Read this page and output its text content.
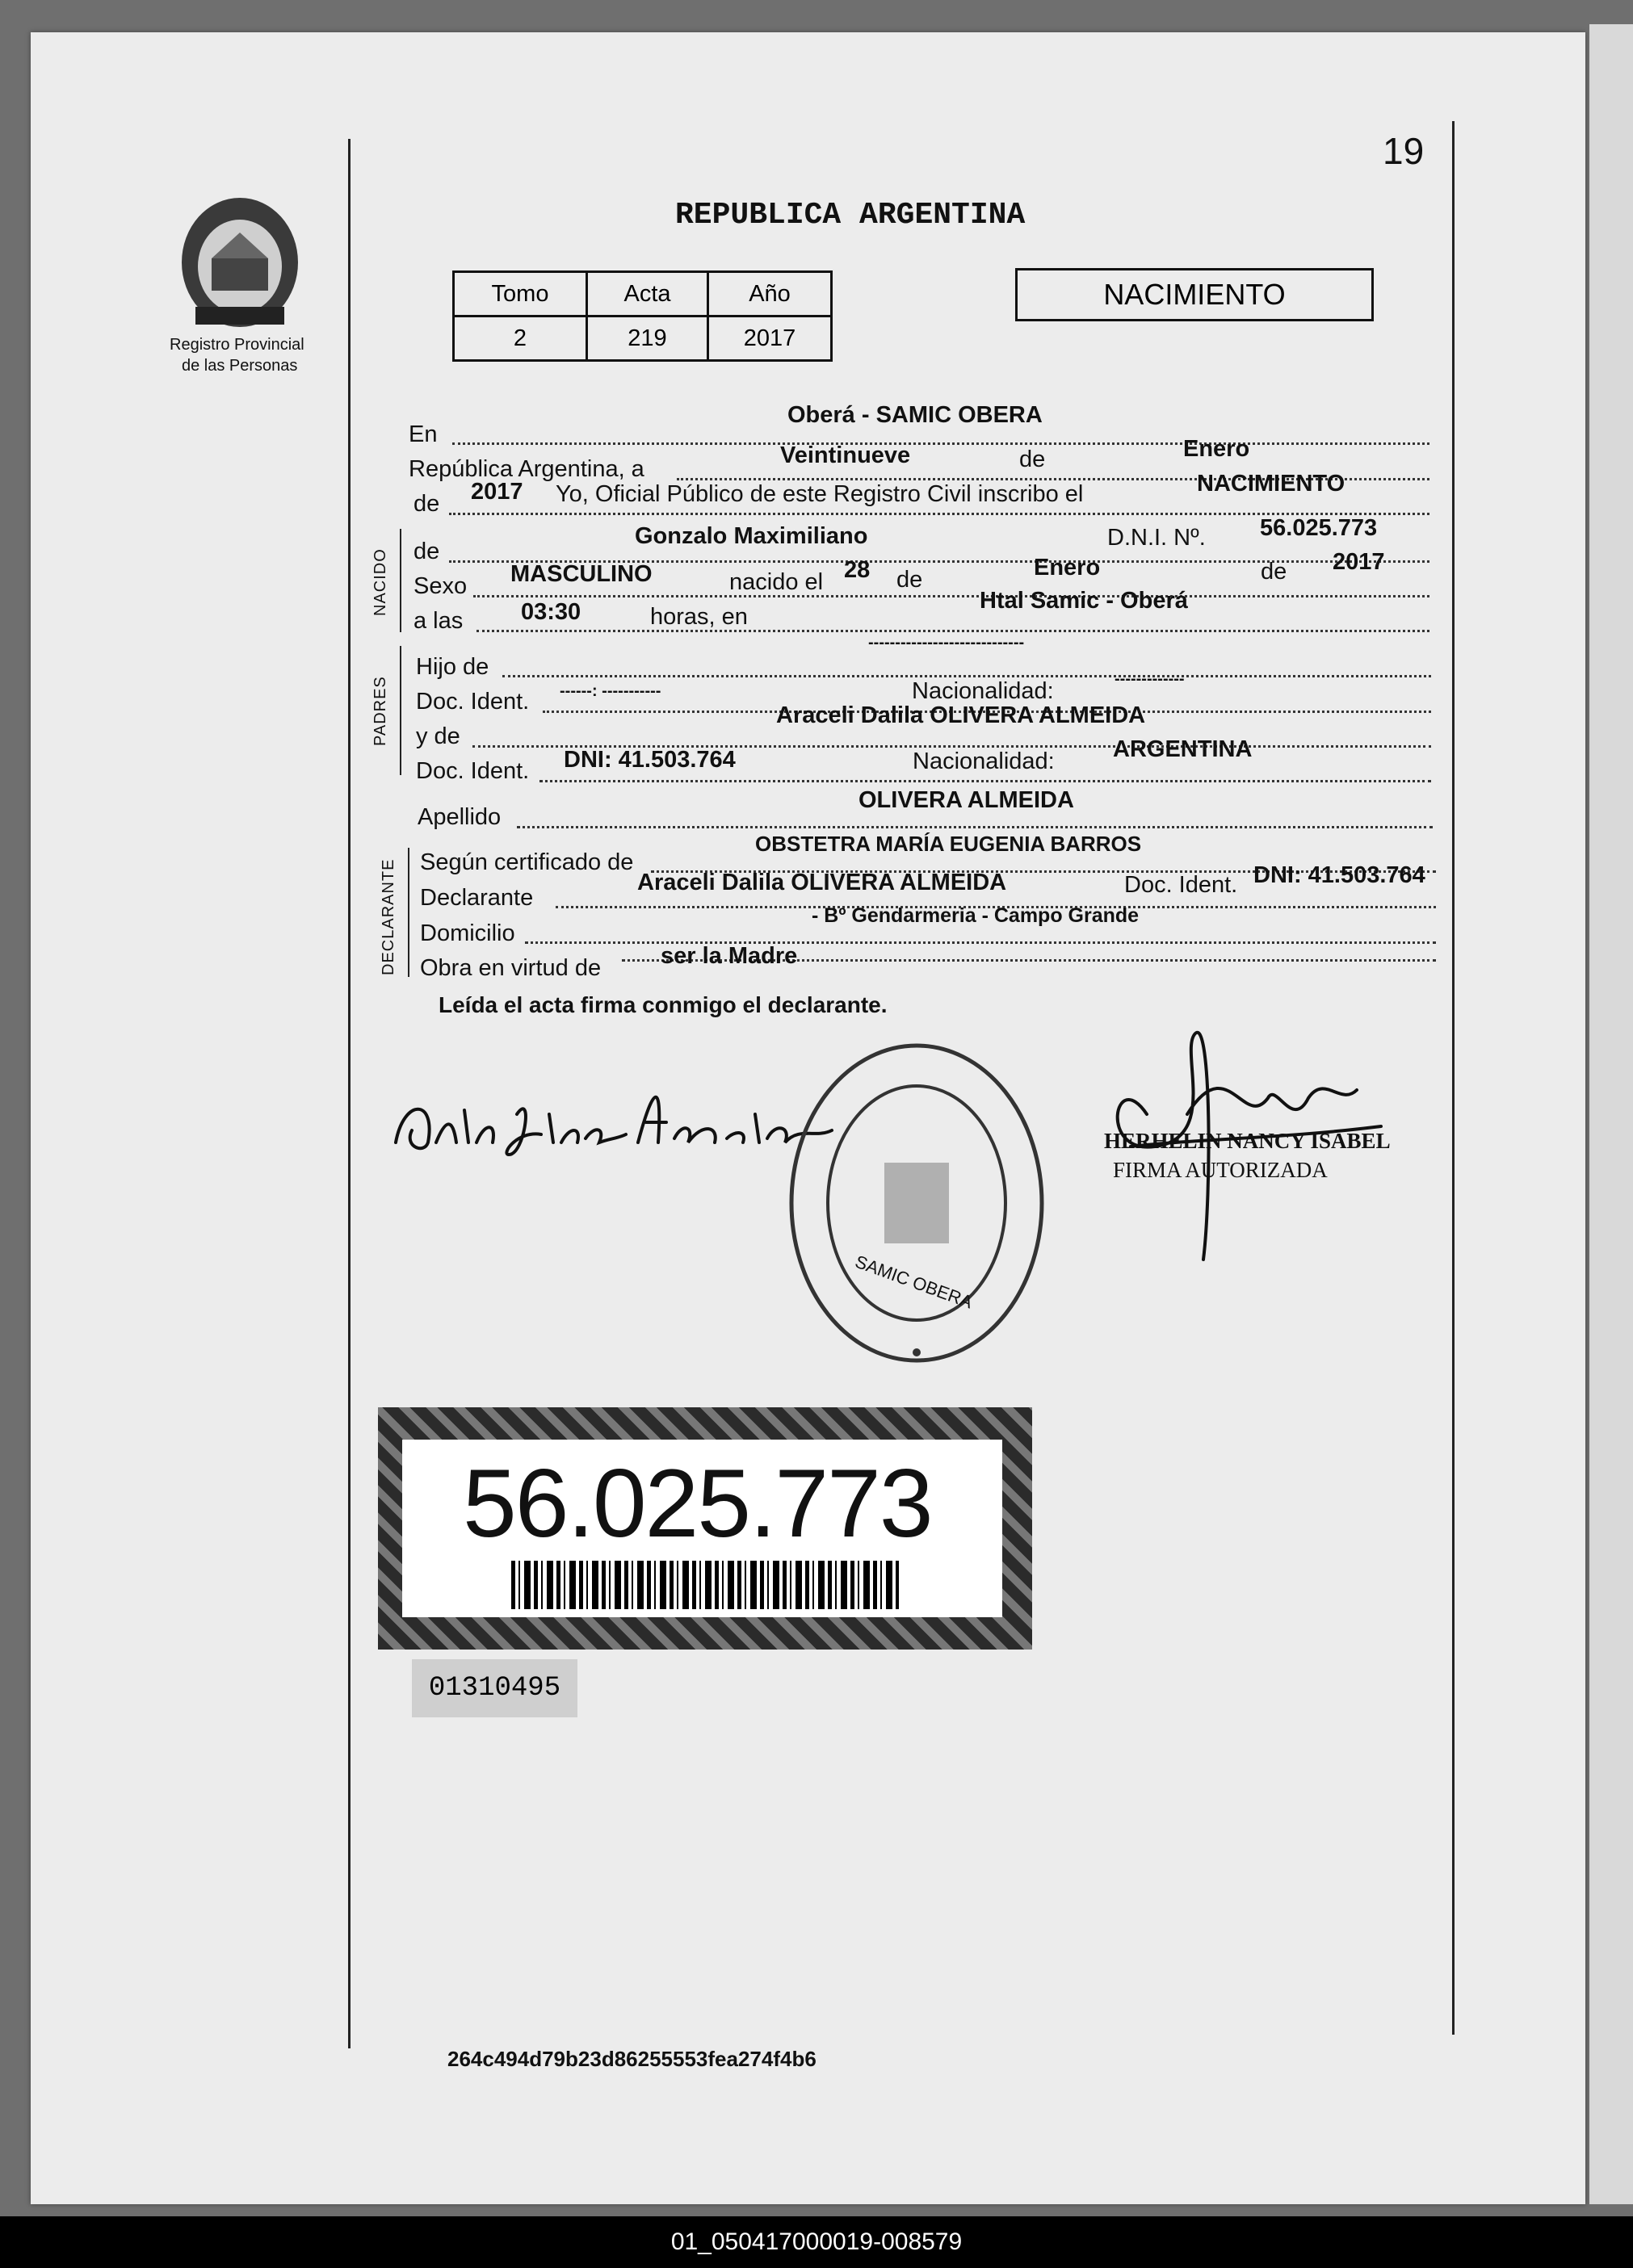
19
Registro Provincial
de las Personas
REPUBLICA ARGENTINA
Tomo	Acta	Año
2	219	2017
NACIMIENTO
En
Oberá - SAMIC OBERA
República Argentina, a
Veintinueve	de	Enero
de 2017 Yo, Oficial Público de este Registro Civil inscribo el	NACIMIENTO
NACIDO de
Gonzalo Maximiliano	D.N.I. Nº. 56.025.773
Sexo MASCULINO	nacido el 28 de	Enero	de 2017
a las 03:30	horas, en
Htal Samic - Oberá
PADRES
-----------------------------
Hijo de
Doc. Ident. ------: -----------	Nacionalidad:	-------------
y de
Araceli Dalila OLIVERA ALMEIDA
Doc. Ident. DNI: 41.503.764	Nacionalidad: ARGENTINA
Apellido
OLIVERA ALMEIDA
DECLARANTE Según certificado de
OBSTETRA MARÍA EUGENIA BARROS
Declarante
Araceli Dalila OLIVERA ALMEIDA	Doc. Ident. DNI: 41.503.764
Domicilio
- Bº Gendarmeria - Campo Grande
Obra en virtud de	ser la Madre
Leída el acta firma conmigo el declarante.
SAMIC OBERA
HERHELIN NANCY ISABEL
FIRMA AUTORIZADA
56.025.773
01310495
264c494d79b23d86255553fea274f4b6
01_050417000019-008579
